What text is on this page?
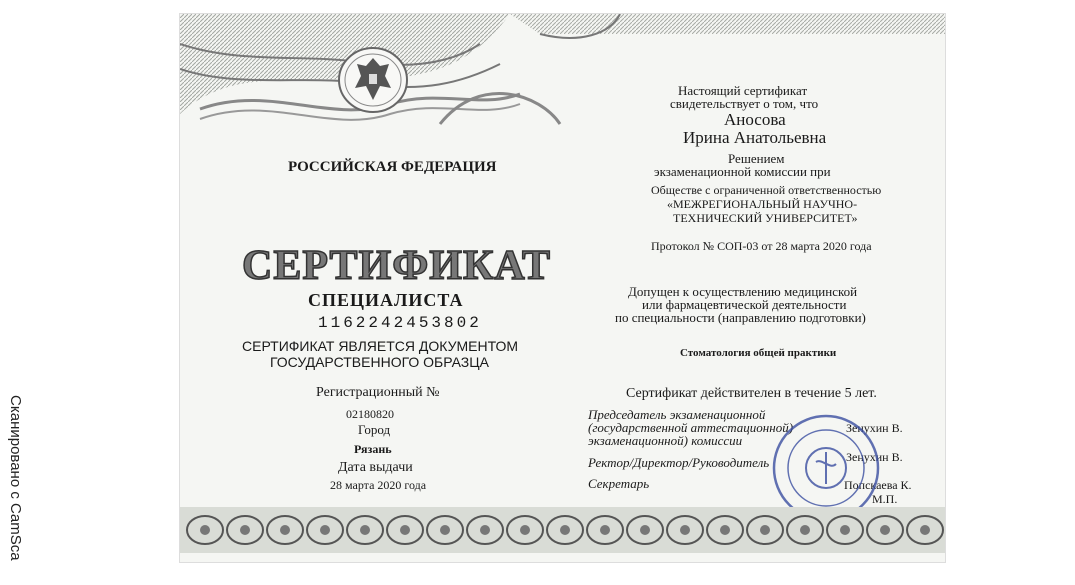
Сканировано с CamSca
РОССИЙСКАЯ ФЕДЕРАЦИЯ
СЕРТИФИКАТ
СПЕЦИАЛИСТА
1162242453802
СЕРТИФИКАТ ЯВЛЯЕТСЯ ДОКУМЕНТОМ
ГОСУДАРСТВЕННОГО ОБРАЗЦА
Регистрационный №
02180820
Город
Рязань
Дата выдачи
28 марта 2020 года
Настоящий сертификат
свидетельствует о том, что
Аносова
Ирина Анатольевна
Решением
экзаменационной комиссии при
Обществе с ограниченной ответственностью
«МЕЖРЕГИОНАЛЬНЫЙ НАУЧНО-
ТЕХНИЧЕСКИЙ УНИВЕРСИТЕТ»
Протокол № СОП-03 от 28 марта 2020 года
Допущен к осуществлению медицинской
или фармацевтической деятельности
по специальности (направлению подготовки)
Стоматология общей практики
Сертификат действителен в течение 5 лет.
Председатель экзаменационной
(государственной аттестационной)
экзаменационной) комиссии
Зенухин В.
Ректор/Директор/Руководитель	Зенухин В.
Секретарь	Попскаева К.
М.П.
